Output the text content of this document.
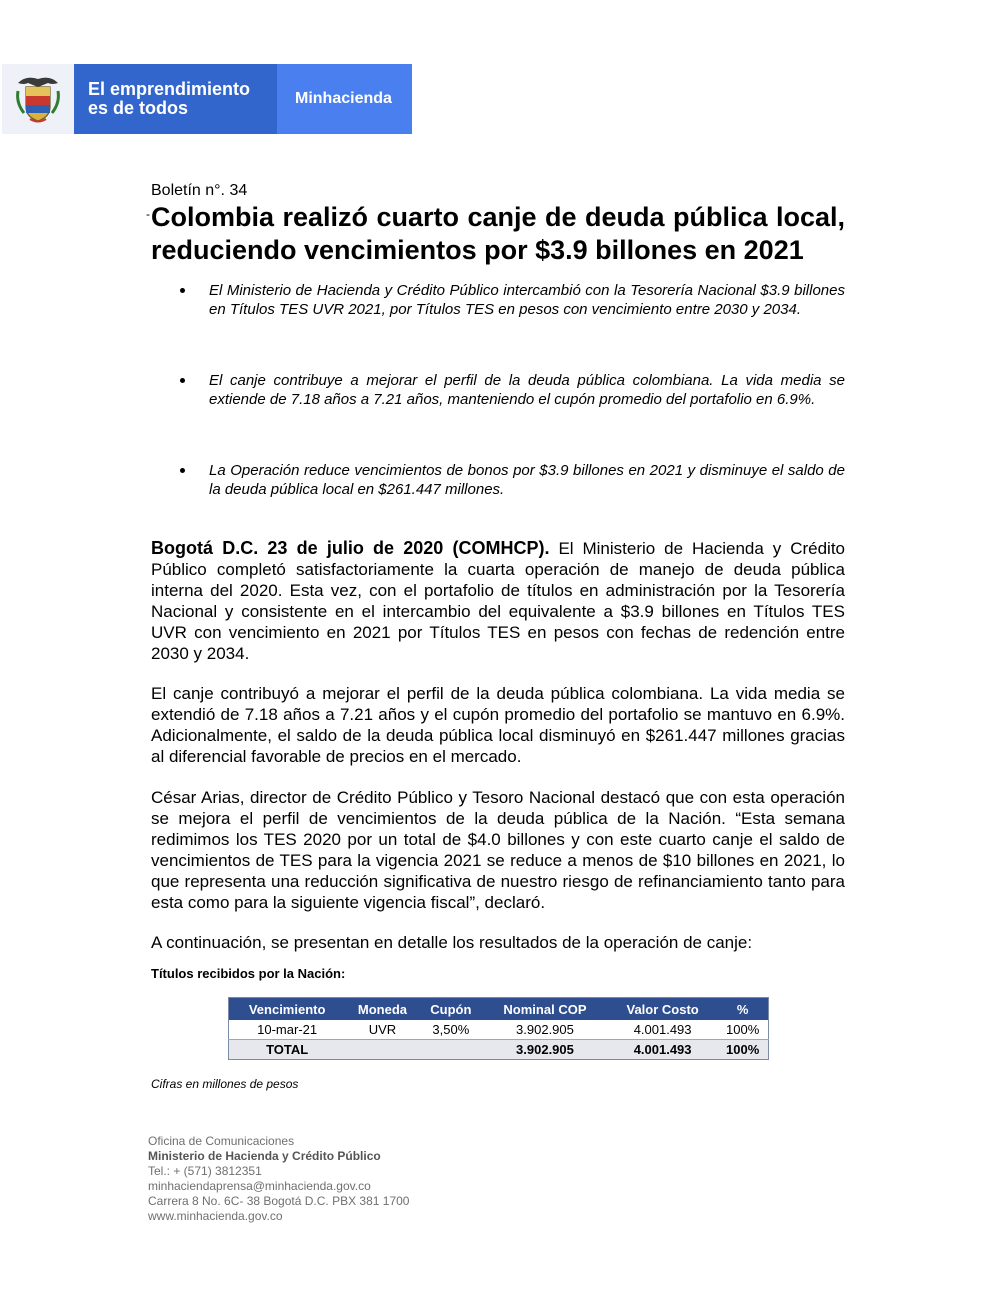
El emprendimiento
es de todos	Minhacienda
Boletín n°. 34
- Colombia realizó cuarto canje de deuda pública local, reduciendo vencimientos por $3.9 billones en 2021
El Ministerio de Hacienda y Crédito Público intercambió con la Tesorería Nacional $3.9 billones en Títulos TES UVR 2021, por Títulos TES en pesos con vencimiento entre 2030 y 2034.
El canje contribuye a mejorar el perfil de la deuda pública colombiana. La vida media se extiende de 7.18 años a 7.21 años, manteniendo el cupón promedio del portafolio en 6.9%.
La Operación reduce vencimientos de bonos por $3.9 billones en 2021 y disminuye el saldo de la deuda pública local en $261.447 millones.

Bogotá D.C. 23 de julio de 2020 (COMHCP). El Ministerio de Hacienda y Crédito Público completó satisfactoriamente la cuarta operación de manejo de deuda pública interna del 2020. Esta vez, con el portafolio de títulos en administración por la Tesorería Nacional y consistente en el intercambio del equivalente a $3.9 billones en Títulos TES UVR con vencimiento en 2021 por Títulos TES en pesos con fechas de redención entre 2030 y 2034.

El canje contribuyó a mejorar el perfil de la deuda pública colombiana. La vida media se extendió de 7.18 años a 7.21 años y el cupón promedio del portafolio se mantuvo en 6.9%. Adicionalmente, el saldo de la deuda pública local disminuyó en $261.447 millones gracias al diferencial favorable de precios en el mercado.

César Arias, director de Crédito Público y Tesoro Nacional destacó que con esta operación se mejora el perfil de vencimientos de la deuda pública de la Nación. “Esta semana redimimos los TES 2020 por un total de $4.0 billones y con este cuarto canje el saldo de vencimientos de TES para la vigencia 2021 se reduce a menos de $10 billones en 2021, lo que representa una reducción significativa de nuestro riesgo de refinanciamiento tanto para esta como para la siguiente vigencia fiscal”, declaró.

A continuación, se presentan en detalle los resultados de la operación de canje:

Títulos recibidos por la Nación:
Vencimiento	Moneda	Cupón	Nominal COP	Valor Costo	%
10-mar-21	UVR	3,50%	3.902.905	4.001.493	100%
TOTAL			3.902.905	4.001.493	100%
Cifras en millones de pesos
Oficina de Comunicaciones
Ministerio de Hacienda y Crédito Público
Tel.: + (571) 3812351
minhaciendaprensa@minhacienda.gov.co
Carrera 8 No. 6C- 38 Bogotá D.C. PBX 381 1700
www.minhacienda.gov.co
